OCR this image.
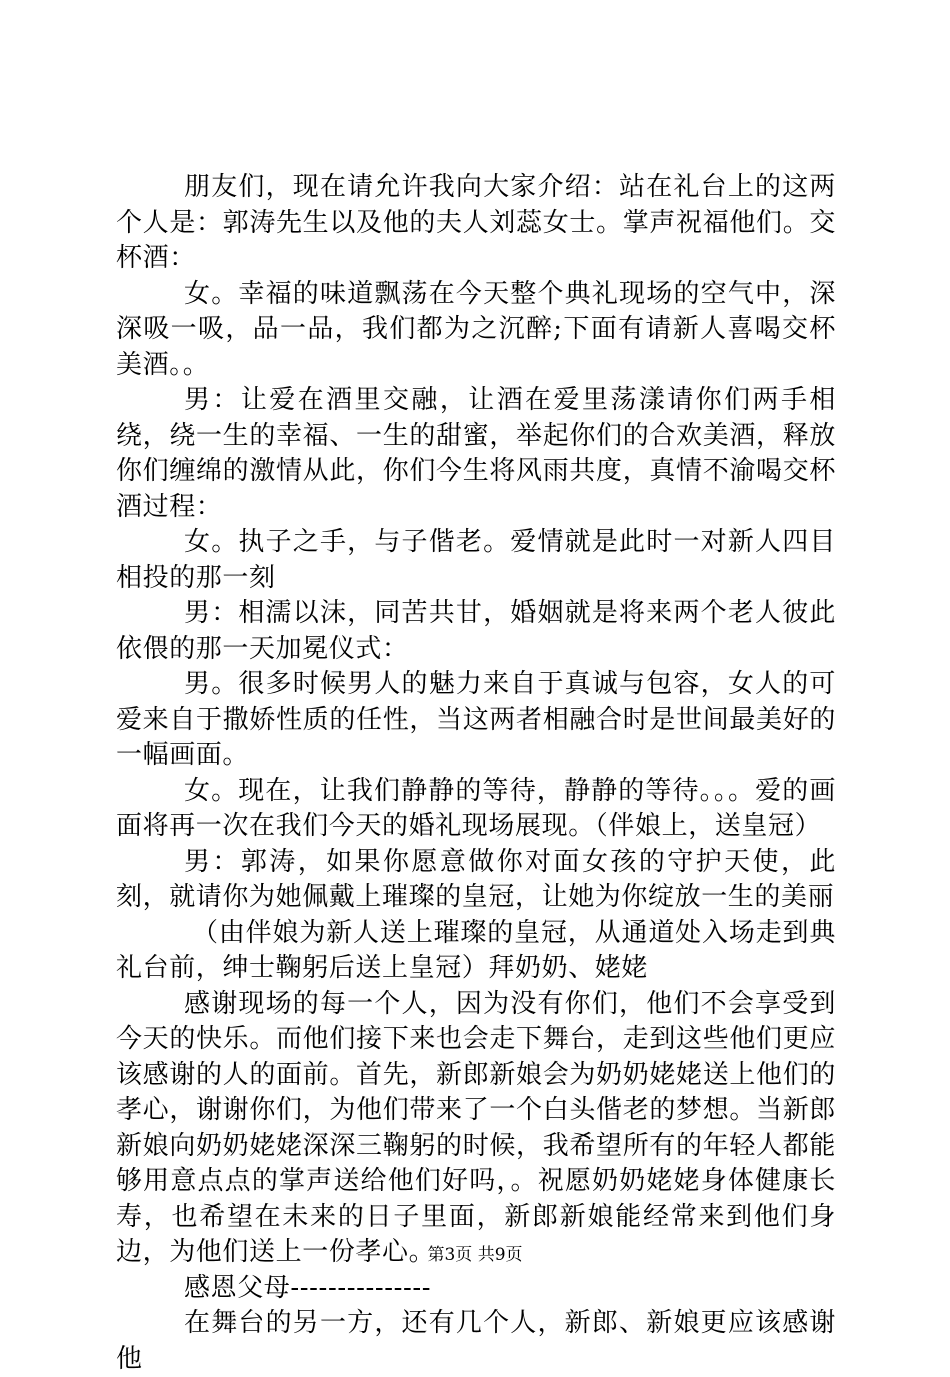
朋友们，现在请允许我向大家介绍：站在礼台上的这两个人是：郭涛先生以及他的夫人刘蕊女士。掌声祝福他们。交杯酒：

女。幸福的味道飘荡在今天整个典礼现场的空气中，深深吸一吸，品一品，我们都为之沉醉;下面有请新人喜喝交杯美酒。。

男：让爱在酒里交融，让酒在爱里荡漾请你们两手相绕，绕一生的幸福、一生的甜蜜，举起你们的合欢美酒，释放你们缠绵的激情从此，你们今生将风雨共度，真情不渝喝交杯酒过程：

女。执子之手，与子偕老。爱情就是此时一对新人四目相投的那一刻

男：相濡以沫，同苦共甘，婚姻就是将来两个老人彼此依偎的那一天加冕仪式：

男。很多时候男人的魅力来自于真诚与包容，女人的可爱来自于撒娇性质的任性，当这两者相融合时是世间最美好的一幅画面。

女。现在，让我们静静的等待，静静的等待。。。爱的画面将再一次在我们今天的婚礼现场展现。（伴娘上，送皇冠）

男：郭涛，如果你愿意做你对面女孩的守护天使，此刻，就请你为她佩戴上璀璨的皇冠，让她为你绽放一生的美丽

（由伴娘为新人送上璀璨的皇冠，从通道处入场走到典礼台前，绅士鞠躬后送上皇冠）拜奶奶、姥姥

感谢现场的每一个人，因为没有你们，他们不会享受到今天的快乐。而他们接下来也会走下舞台，走到这些他们更应该感谢的人的面前。首先，新郎新娘会为奶奶姥姥送上他们的孝心，谢谢你们，为他们带来了一个白头偕老的梦想。当新郎新娘向奶奶姥姥深深三鞠躬的时候，我希望所有的年轻人都能够用意点点的掌声送给他们好吗，。祝愿奶奶姥姥身体健康长寿，也希望在未来的日子里面，新郎新娘能经常来到他们身边，为他们送上一份孝心。

感恩父母---------------

在舞台的另一方，还有几个人，新郎、新娘更应该感谢他

第3页 共9页
